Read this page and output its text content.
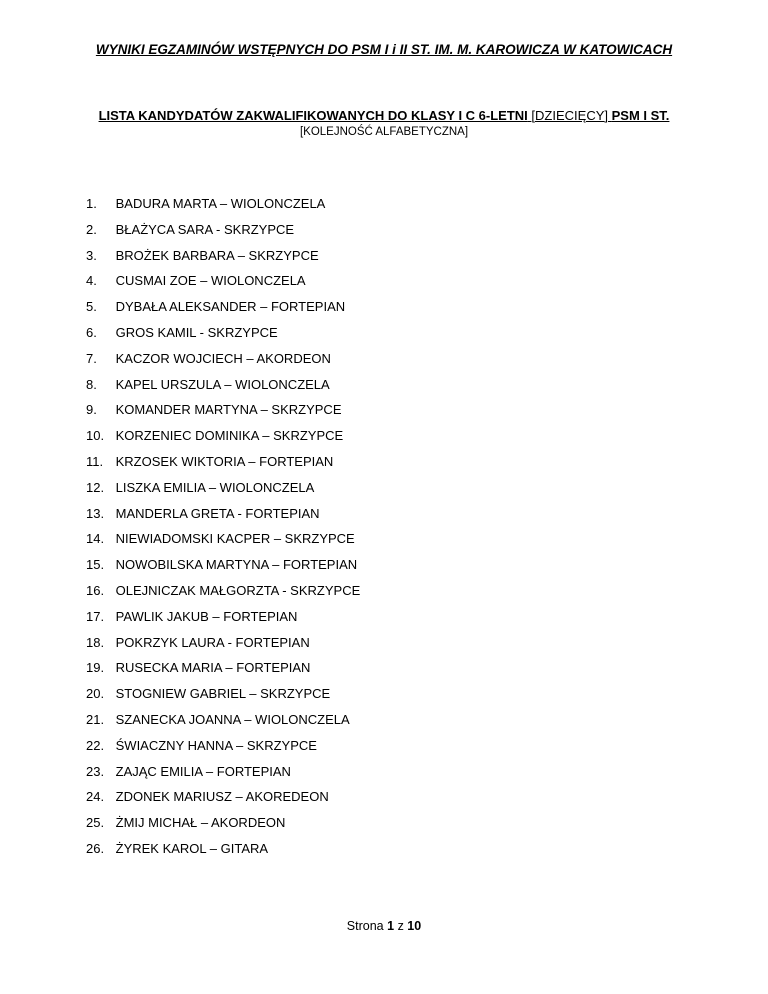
WYNIKI EGZAMINÓW WSTĘPNYCH DO PSM I i II ST. IM. M. KAROWICZA W KATOWICACH
LISTA KANDYDATÓW ZAKWALIFIKOWANYCH DO KLASY I C 6-LETNI [DZIECIĘCY] PSM I ST.
[KOLEJNOŚĆ ALFABETYCZNA]
1. BADURA MARTA – WIOLONCZELA
2. BŁAŻYCA SARA - SKRZYPCE
3. BROŻEK BARBARA – SKRZYPCE
4. CUSMAI ZOE – WIOLONCZELA
5. DYBAŁA ALEKSANDER – FORTEPIAN
6. GROS KAMIL - SKRZYPCE
7. KACZOR WOJCIECH – AKORDEON
8. KAPEL URSZULA – WIOLONCZELA
9. KOMANDER MARTYNA – SKRZYPCE
10. KORZENIEC DOMINIKA – SKRZYPCE
11. KRZOSEK WIKTORIA – FORTEPIAN
12. LISZKA EMILIA – WIOLONCZELA
13. MANDERLA GRETA - FORTEPIAN
14. NIEWIADOMSKI KACPER – SKRZYPCE
15. NOWOBILSKA MARTYNA – FORTEPIAN
16. OLEJNICZAK MAŁGORZTA - SKRZYPCE
17. PAWLIK JAKUB – FORTEPIAN
18. POKRZYK LAURA - FORTEPIAN
19. RUSECKA MARIA – FORTEPIAN
20. STOGNIEW GABRIEL – SKRZYPCE
21. SZANECKA JOANNA – WIOLONCZELA
22. ŚWIACZNY HANNA – SKRZYPCE
23. ZAJĄC EMILIA – FORTEPIAN
24. ZDONEK MARIUSZ – AKOREDEON
25. ŻMIJ MICHAŁ – AKORDEON
26. ŻYREK KAROL – GITARA
Strona 1 z 10
